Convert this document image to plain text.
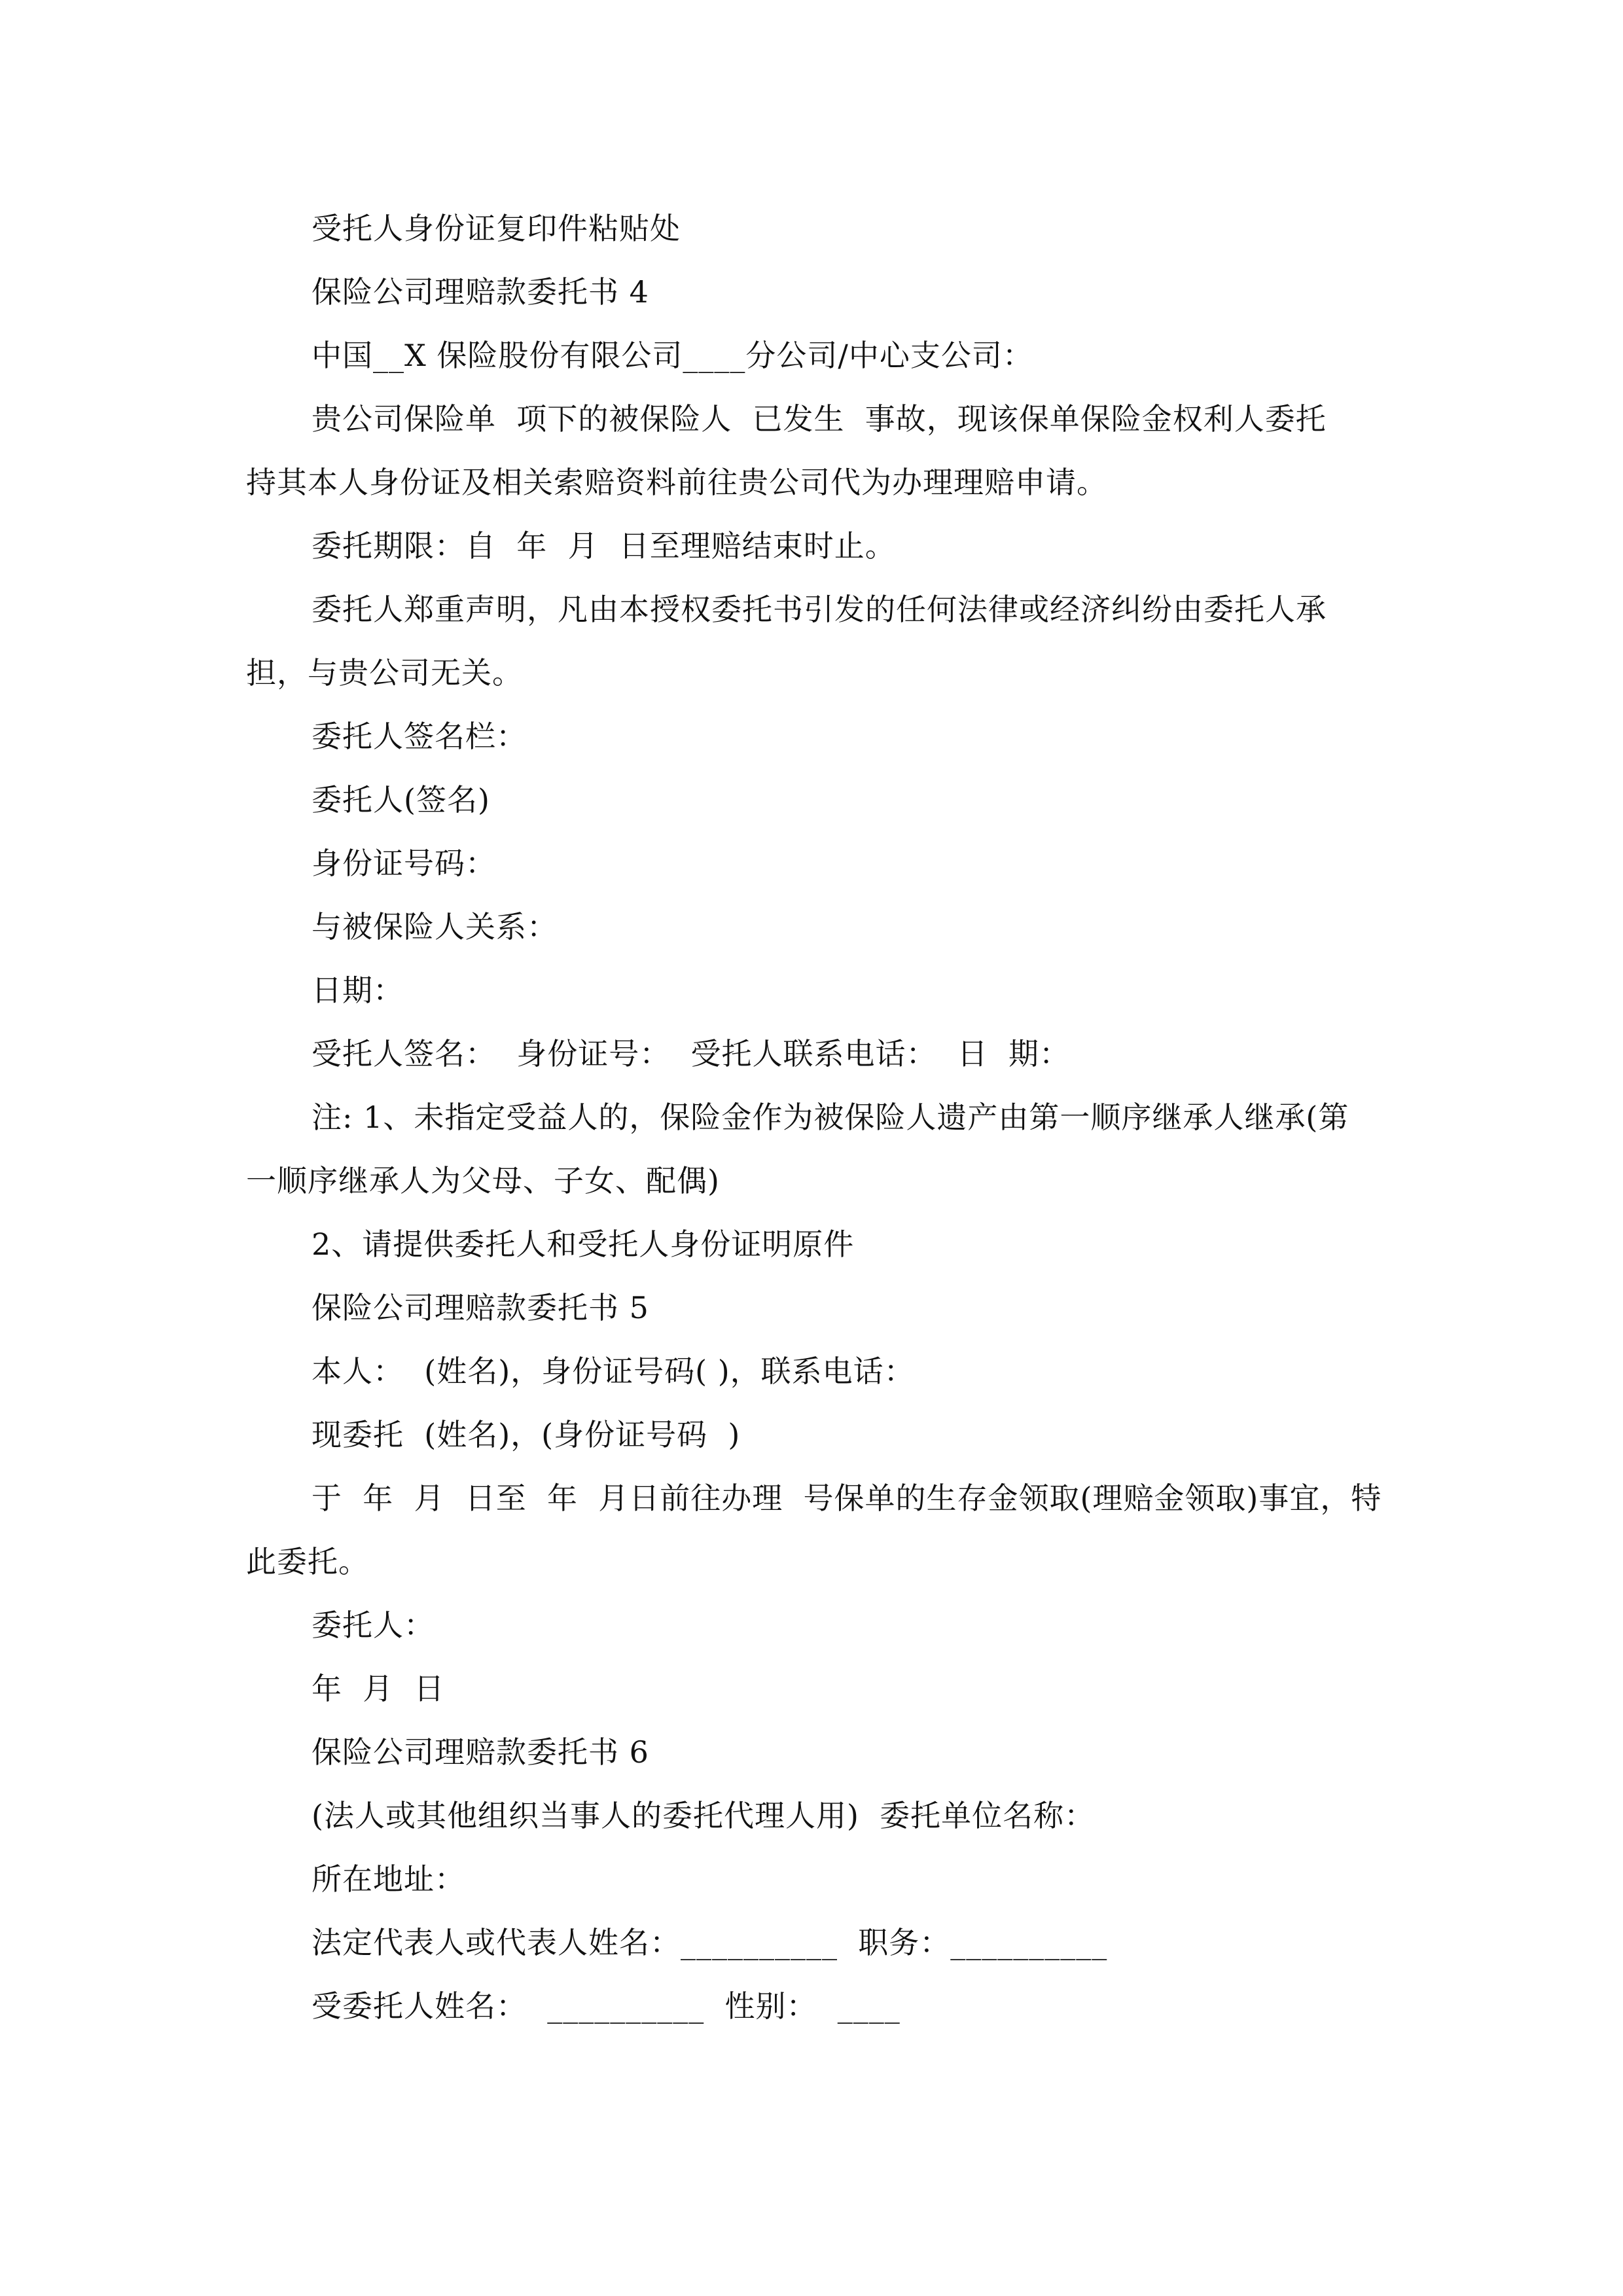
受托人身份证复印件粘贴处
保险公司理赔款委托书 4
中国__X 保险股份有限公司____分公司/中心支公司：
贵公司保险单  项下的被保险人  已发生  事故，现该保单保险金权利人委托
持其本人身份证及相关索赔资料前往贵公司代为办理理赔申请。
委托期限：自  年  月  日至理赔结束时止。
委托人郑重声明，凡由本授权委托书引发的任何法律或经济纠纷由委托人承
担，与贵公司无关。
委托人签名栏：
委托人(签名)
身份证号码：
与被保险人关系：
日期：
受托人签名：  身份证号：  受托人联系电话：  日  期：
注: 1、未指定受益人的，保险金作为被保险人遗产由第一顺序继承人继承(第
一顺序继承人为父母、子女、配偶)
2、请提供委托人和受托人身份证明原件
保险公司理赔款委托书 5
本人：  (姓名)，身份证号码( )，联系电话：
现委托  (姓名)，(身份证号码  )
于  年  月  日至  年  月日前往办理  号保单的生存金领取(理赔金领取)事宜，特
此委托。
委托人：
年  月  日
保险公司理赔款委托书 6
(法人或其他组织当事人的委托代理人用)  委托单位名称：
所在地址：
法定代表人或代表人姓名：__________  职务：__________
受委托人姓名：  __________  性别：  ____
